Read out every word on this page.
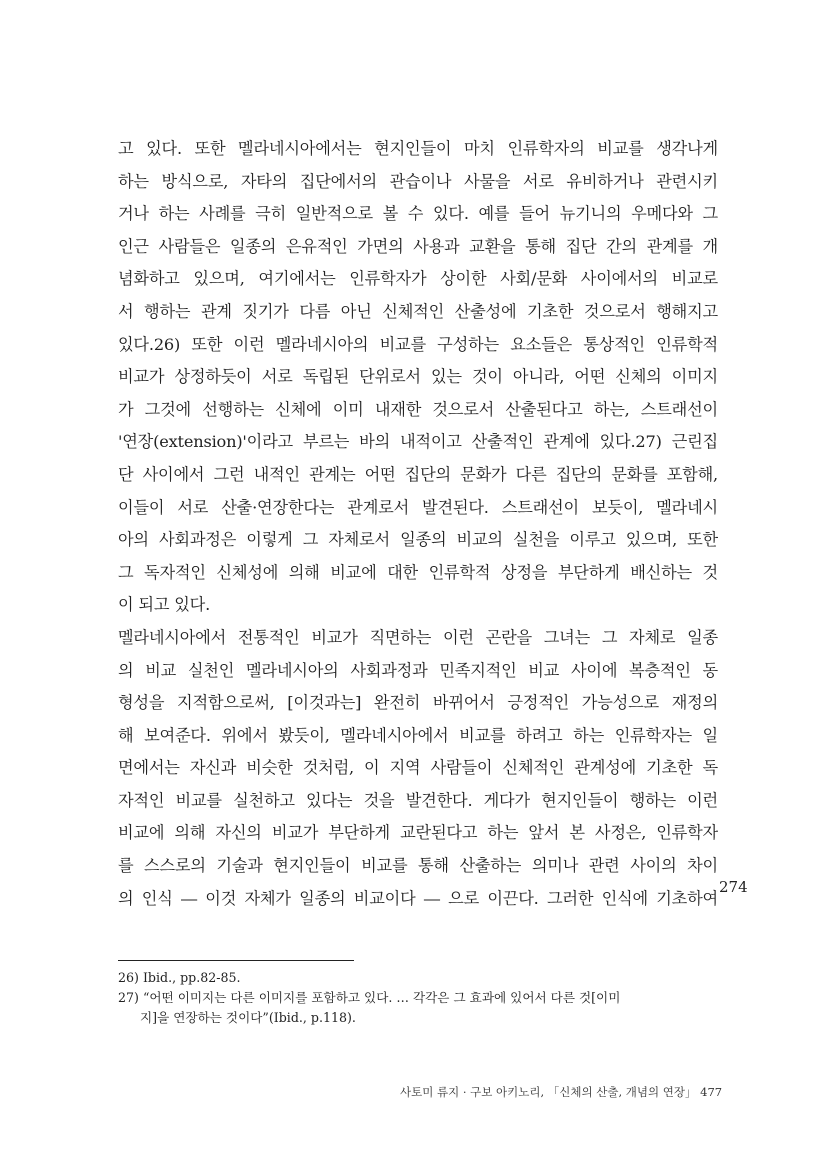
고 있다. 또한 멜라네시아에서는 현지인들이 마치 인류학자의 비교를 생각나게
하는 방식으로, 자타의 집단에서의 관습이나 사물을 서로 유비하거나 관련시키
거나 하는 사례를 극히 일반적으로 볼 수 있다. 예를 들어 뉴기니의 우메다와 그
인근 사람들은 일종의 은유적인 가면의 사용과 교환을 통해 집단 간의 관계를 개
념화하고 있으며, 여기에서는 인류학자가 상이한 사회/문화 사이에서의 비교로
서 행하는 관계 짓기가 다름 아닌 신체적인 산출성에 기초한 것으로서 행해지고
있다.26) 또한 이런 멜라네시아의 비교를 구성하는 요소들은 통상적인 인류학적
비교가 상정하듯이 서로 독립된 단위로서 있는 것이 아니라, 어떤 신체의 이미지
가 그것에 선행하는 신체에 이미 내재한 것으로서 산출된다고 하는, 스트래선이
'연장(extension)'이라고 부르는 바의 내적이고 산출적인 관계에 있다.27) 근린집
단 사이에서 그런 내적인 관계는 어떤 집단의 문화가 다른 집단의 문화를 포함해,
이들이 서로 산출·연장한다는 관계로서 발견된다. 스트래선이 보듯이, 멜라네시
아의 사회과정은 이렇게 그 자체로서 일종의 비교의 실천을 이루고 있으며, 또한
그 독자적인 신체성에 의해 비교에 대한 인류학적 상정을 부단하게 배신하는 것
이 되고 있다.
멜라네시아에서 전통적인 비교가 직면하는 이런 곤란을 그녀는 그 자체로 일종
의 비교 실천인 멜라네시아의 사회과정과 민족지적인 비교 사이에 복층적인 동
형성을 지적함으로써, [이것과는] 완전히 바뀌어서 긍정적인 가능성으로 재정의
해 보여준다. 위에서 봤듯이, 멜라네시아에서 비교를 하려고 하는 인류학자는 일
면에서는 자신과 비슷한 것처럼, 이 지역 사람들이 신체적인 관계성에 기초한 독
자적인 비교를 실천하고 있다는 것을 발견한다. 게다가 현지인들이 행하는 이런
비교에 의해 자신의 비교가 부단하게 교란된다고 하는 앞서 본 사정은, 인류학자
를 스스로의 기술과 현지인들이 비교를 통해 산출하는 의미나 관련 사이의 차이
의 인식 ― 이것 자체가 일종의 비교이다 ― 으로 이끈다. 그러한 인식에 기초하여
274
26) Ibid., pp.82-85.
27) “어떤 이미지는 다른 이미지를 포함하고 있다. … 각각은 그 효과에 있어서 다른 것[이미
지]을 연장하는 것이다”(Ibid., p.118).
사토미 류지 · 구보 아키노리, 「신체의 산출, 개념의 연장」 477
